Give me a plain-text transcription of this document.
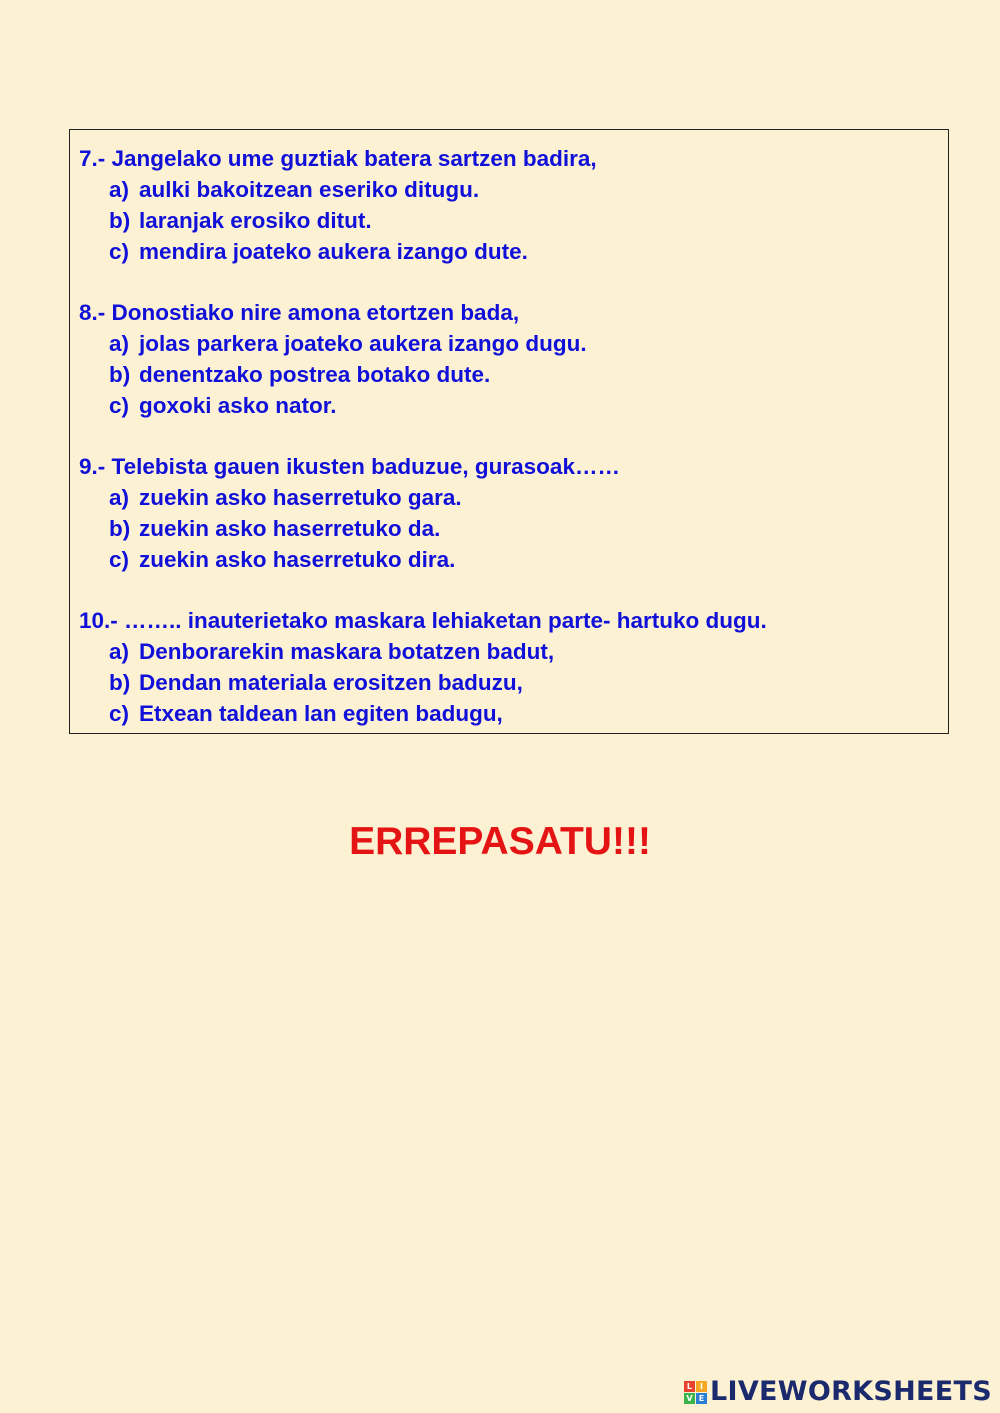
7.- Jangelako ume guztiak batera sartzen badira,
a) aulki bakoitzean eseriko ditugu.
b) laranjak erosiko ditut.
c) mendira joateko aukera izango dute.
8.- Donostiako nire amona etortzen bada,
a) jolas parkera joateko aukera izango dugu.
b) denentzako postrea botako dute.
c) goxoki asko nator.
9.- Telebista gauen ikusten baduzue, gurasoak……
a) zuekin asko haserretuko gara.
b) zuekin asko haserretuko da.
c) zuekin asko haserretuko dira.
10.- …….. inauterietako maskara lehiaketan parte- hartuko dugu.
a) Denborarekin maskara botatzen badut,
b) Dendan materiala erositzen baduzu,
c) Etxean taldean lan egiten badugu,
ERREPASATU!!!
L I
V E LIVEWORKSHEETS
